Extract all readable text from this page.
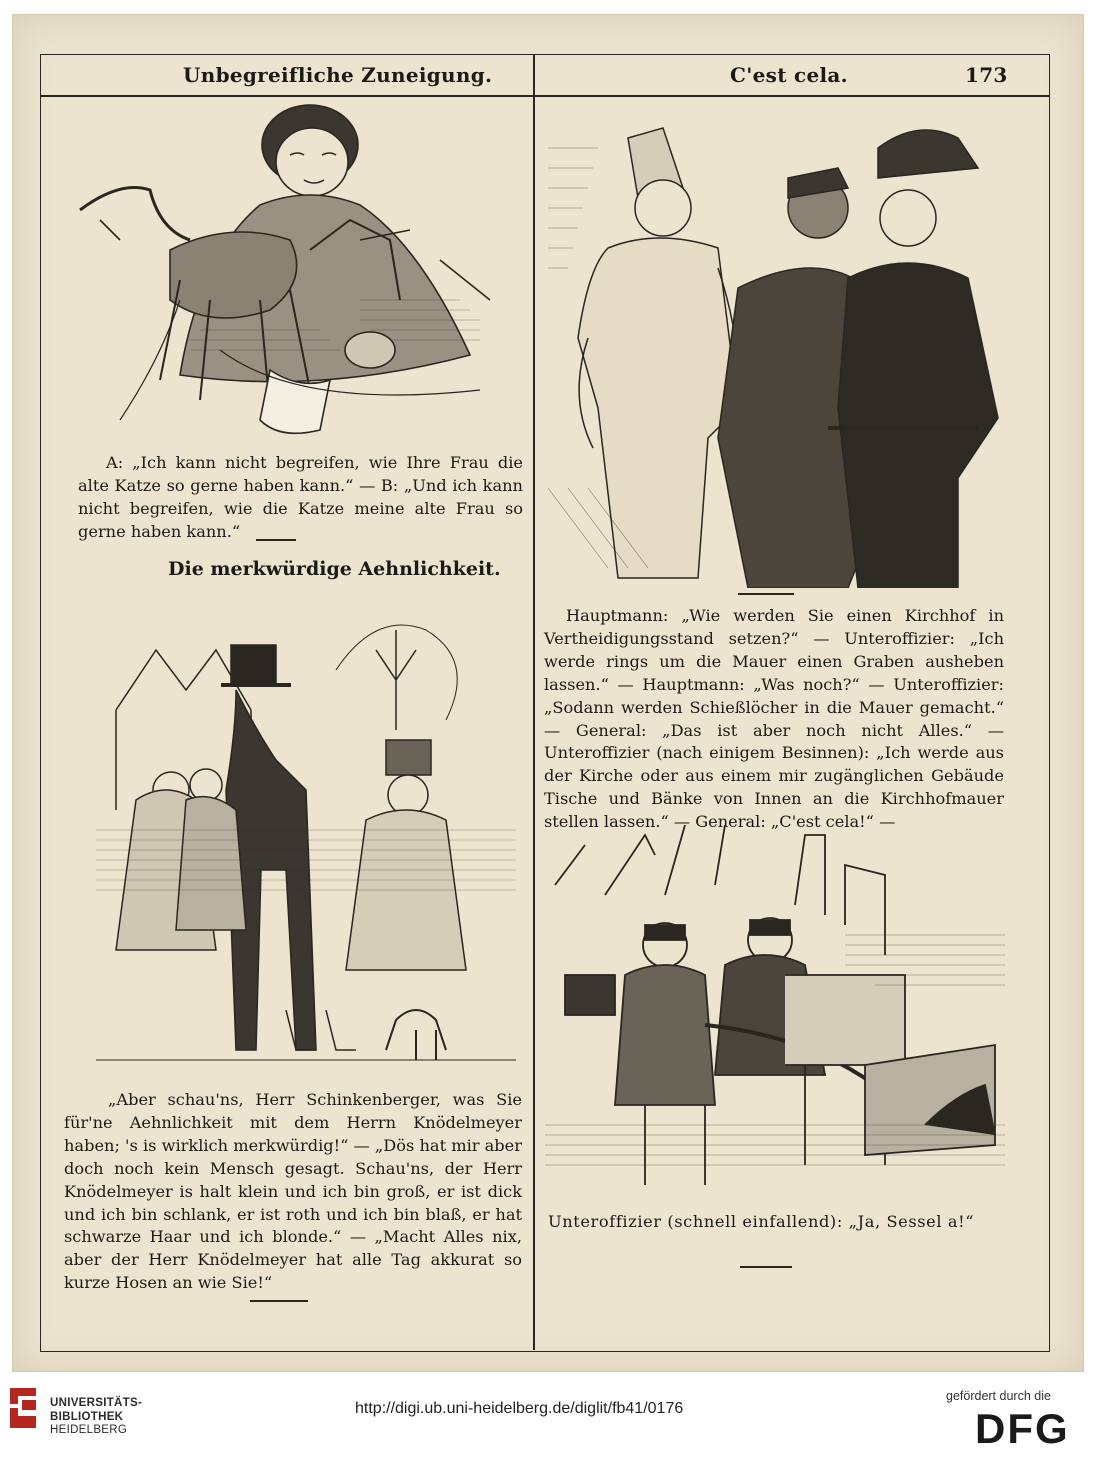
Unbegreifliche Zuneigung.	C'est cela.	173

A: „Ich kann nicht begreifen, wie Ihre Frau die alte Katze so gerne haben kann.“ — B: „Und ich kann nicht begreifen, wie die Katze meine alte Frau so gerne haben kann.“

Die merkwürdige Aehnlichkeit.

„Aber schau'ns, Herr Schinkenberger, was Sie für'ne Aehnlichkeit mit dem Herrn Knödelmeyer haben; 's is wirklich merkwürdig!“ — „Dös hat mir aber doch noch kein Mensch gesagt. Schau'ns, der Herr Knödelmeyer is halt klein und ich bin groß, er ist dick und ich bin schlank, er ist roth und ich bin blaß, er hat schwarze Haar und ich blonde.“ — „Macht Alles nix, aber der Herr Knödelmeyer hat alle Tag akkurat so kurze Hosen an wie Sie!“

Hauptmann: „Wie werden Sie einen Kirchhof in Vertheidigungsstand setzen?“ — Unteroffizier: „Ich werde rings um die Mauer einen Graben ausheben lassen.“ — Hauptmann: „Was noch?“ — Unteroffizier: „Sodann werden Schießlöcher in die Mauer gemacht.“ — General: „Das ist aber noch nicht Alles.“ — Unteroffizier (nach einigem Besinnen): „Ich werde aus der Kirche oder aus einem mir zugänglichen Gebäude Tische und Bänke von Innen an die Kirchhofmauer stellen lassen.“ — General: „C'est cela!“ —

Unteroffizier (schnell einfallend): „Ja, Sessel a!“

UNIVERSITÄTS-
BIBLIOTHEK
HEIDELBERG
http://digi.ub.uni-heidelberg.de/diglit/fb41/0176
gefördert durch die
DFG
